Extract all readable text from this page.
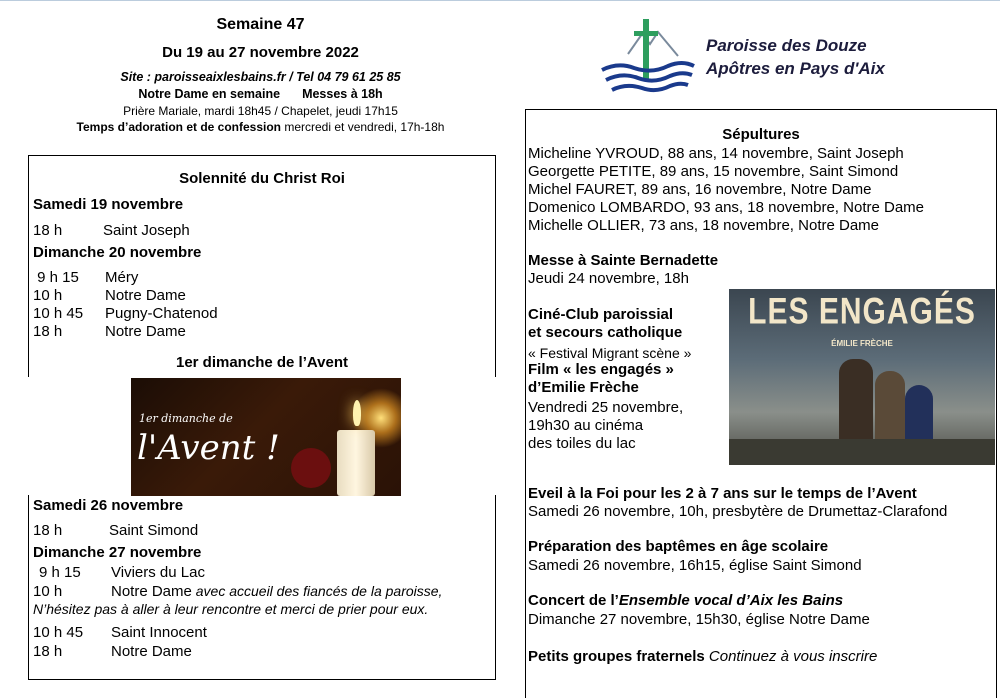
Semaine 47
Du 19 au 27 novembre 2022
Site : paroisseaixlesbains.fr / Tel 04 79 61 25 85
Notre Dame en semaine Messes à 18h
Prière Mariale, mardi 18h45 / Chapelet, jeudi 17h15
Temps d’adoration et de confession mercredi et vendredi, 17h-18h
Paroisse des Douze
Apôtres en Pays d'Aix
Solennité du Christ Roi
Samedi 19 novembre
18 h	Saint Joseph
Dimanche 20 novembre
9 h 15 Méry
10 h	Notre Dame
10 h 45 Pugny-Chatenod
18 h	Notre Dame
1er dimanche de l’Avent
1er dimanche de
l'Avent !
Samedi 26 novembre
18 h	Saint Simond
Dimanche 27 novembre
9 h 15 Viviers du Lac
10 h	Notre Dame avec accueil des fiancés de la paroisse,
N’hésitez pas à aller à leur rencontre et merci de prier pour eux.
10 h 45 Saint Innocent
18 h	Notre Dame
Sépultures
Micheline YVROUD, 88 ans, 14 novembre, Saint Joseph
Georgette PETITE, 89 ans, 15 novembre, Saint Simond
Michel FAURET, 89 ans, 16 novembre, Notre Dame
Domenico LOMBARDO, 93 ans, 18 novembre, Notre Dame
Michelle OLLIER, 73 ans, 18 novembre, Notre Dame
Messe à Sainte Bernadette
Jeudi 24 novembre, 18h
Ciné-Club paroissial
et secours catholique
« Festival Migrant scène »
Film « les engagés »
d’Emilie Frèche
Vendredi 25 novembre,
19h30 au cinéma
des toiles du lac
Eveil à la Foi pour les 2 à 7 ans sur le temps de l’Avent
Samedi 26 novembre, 10h, presbytère de Drumettaz-Clarafond
Préparation des baptêmes en âge scolaire
Samedi 26 novembre, 16h15, église Saint Simond
Concert de l’Ensemble vocal d’Aix les Bains
Dimanche 27 novembre, 15h30, église Notre Dame
Petits groupes fraternels Continuez à vous inscrire
LES ENGAGÉS
ÉMILIE FRÈCHE
